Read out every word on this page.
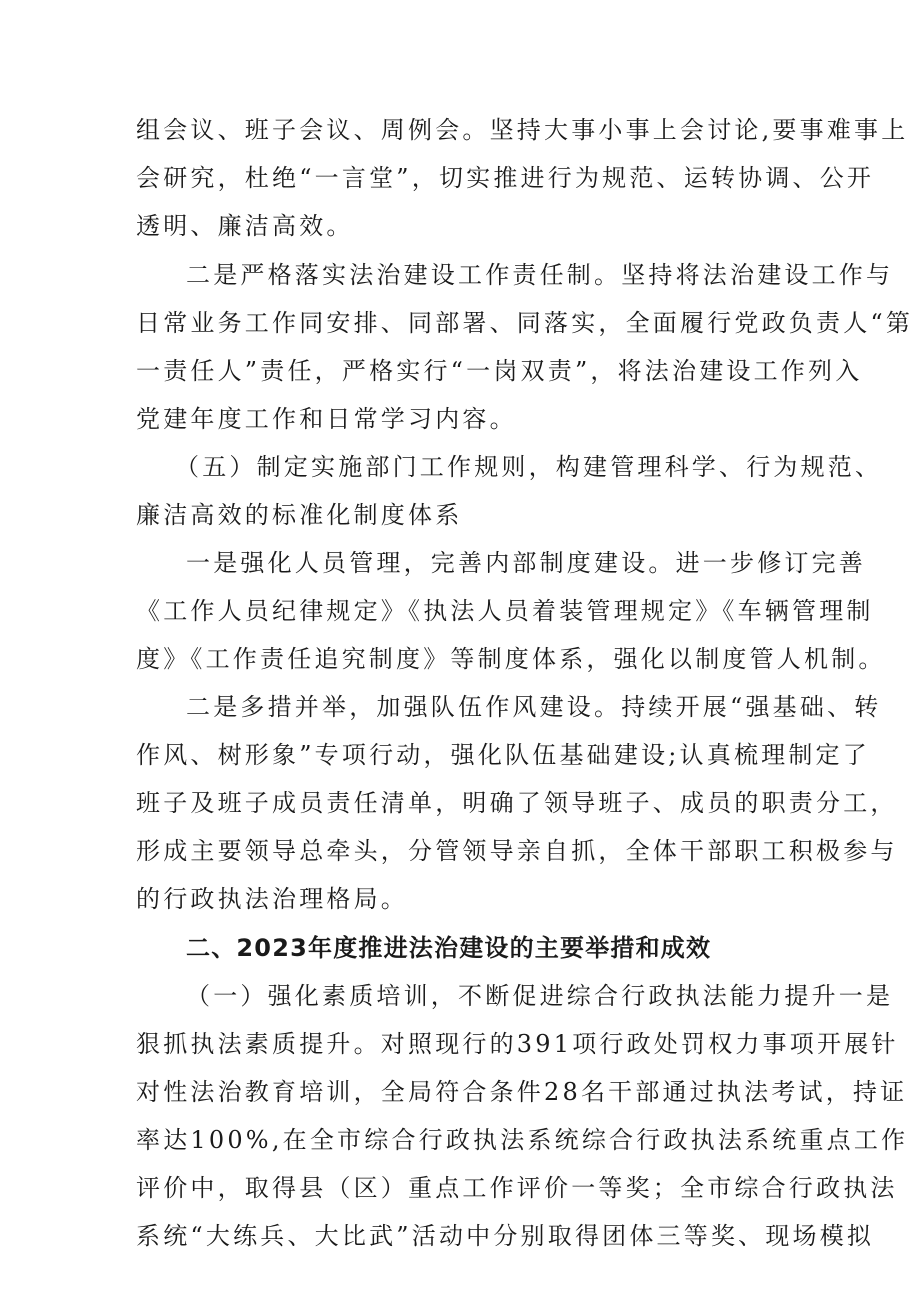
组会议、班子会议、周例会。坚持大事小事上会讨论,要事难事上
会研究，杜绝“一言堂”，切实推进行为规范、运转协调、公开
透明、廉洁高效。
二是严格落实法治建设工作责任制。坚持将法治建设工作与
日常业务工作同安排、同部署、同落实，全面履行党政负责人“第
一责任人”责任，严格实行“一岗双责”，将法治建设工作列入
党建年度工作和日常学习内容。
（五）制定实施部门工作规则，构建管理科学、行为规范、
廉洁高效的标准化制度体系
一是强化人员管理，完善内部制度建设。进一步修订完善
《工作人员纪律规定》《执法人员着装管理规定》《车辆管理制
度》《工作责任追究制度》等制度体系，强化以制度管人机制。
二是多措并举，加强队伍作风建设。持续开展“强基础、转
作风、树形象”专项行动，强化队伍基础建设;认真梳理制定了
班子及班子成员责任清单，明确了领导班子、成员的职责分工，
形成主要领导总牵头，分管领导亲自抓，全体干部职工积极参与
的行政执法治理格局。
二、2023年度推进法治建设的主要举措和成效
（一）强化素质培训，不断促进综合行政执法能力提升一是
狠抓执法素质提升。对照现行的391项行政处罚权力事项开展针
对性法治教育培训，全局符合条件28名干部通过执法考试，持证
率达100%,在全市综合行政执法系统综合行政执法系统重点工作
评价中，取得县（区）重点工作评价一等奖；全市综合行政执法
系统“大练兵、大比武”活动中分别取得团体三等奖、现场模拟
